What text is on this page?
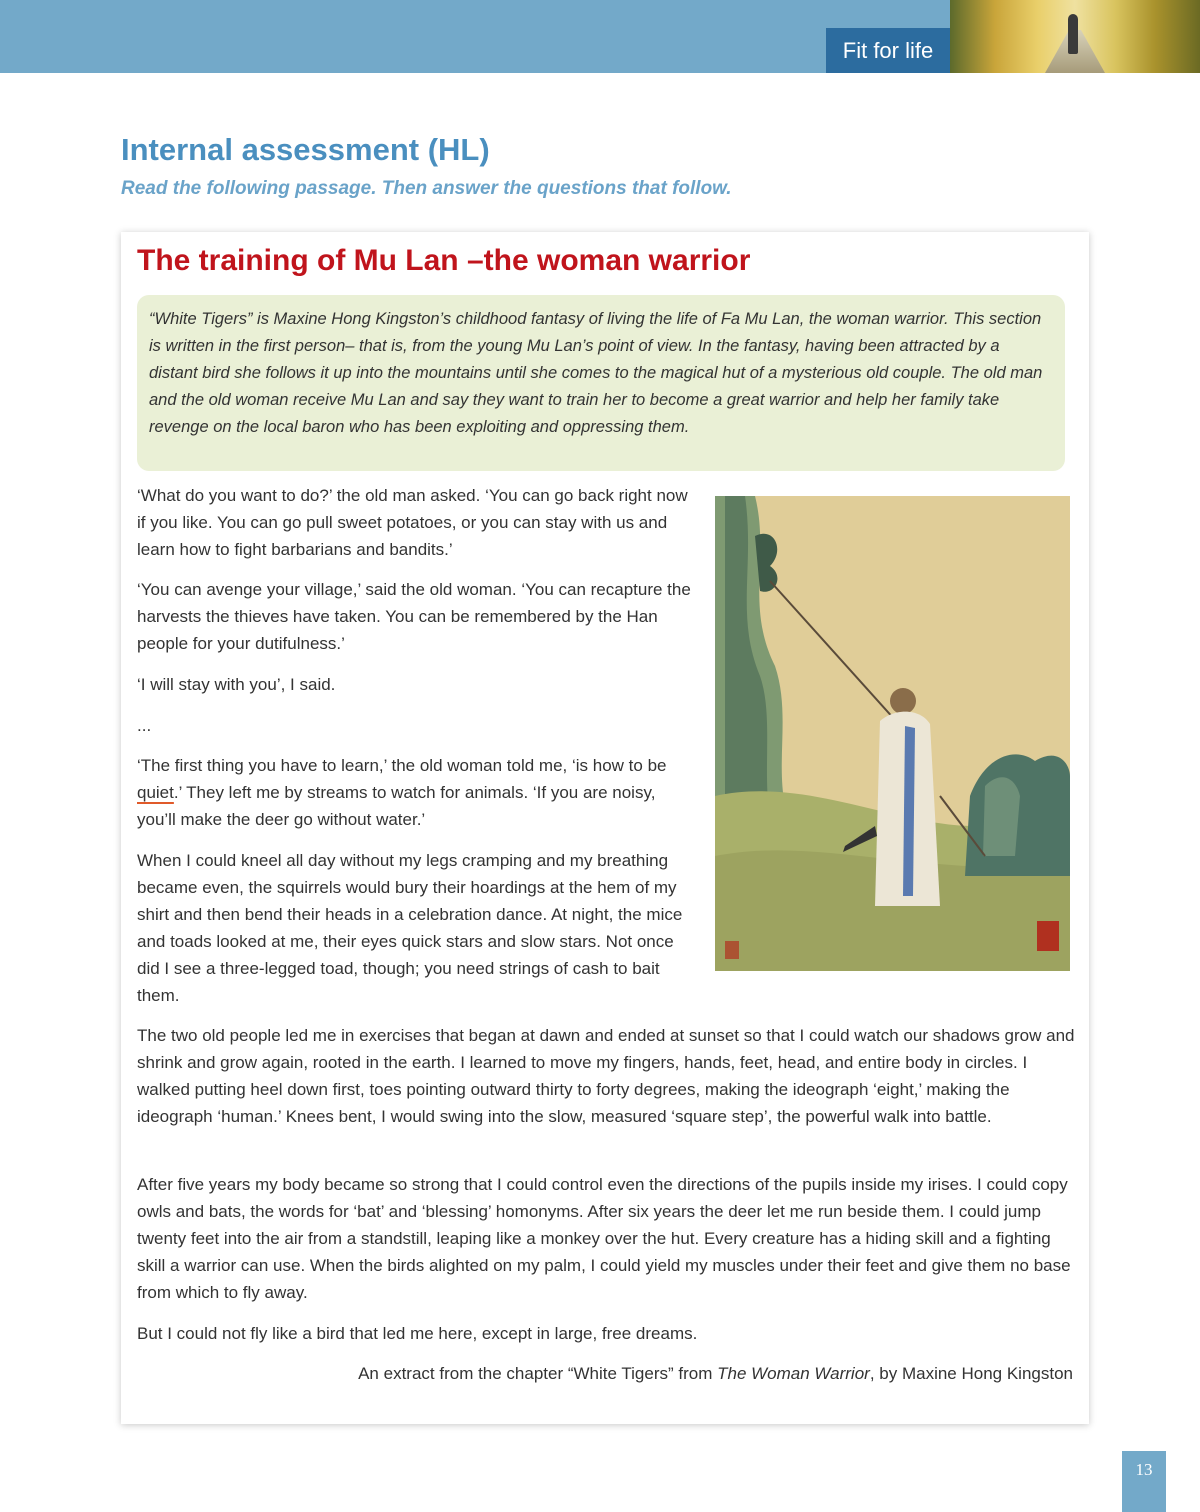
Fit for life
Internal assessment (HL)
Read the following passage. Then answer the questions that follow.
The training of Mu Lan –the woman warrior

“White Tigers” is Maxine Hong Kingston’s childhood fantasy of living the life of Fa Mu Lan, the woman warrior. This section is written in the first person– that is, from the young Mu Lan’s point of view. In the fantasy, having been attracted by a distant bird she follows it up into the mountains until she comes to the magical hut of a mysterious old couple. The old man and the old woman receive Mu Lan and say they want to train her to become a great warrior and help her family take revenge on the local baron who has been exploiting and oppressing them.

‘What do you want to do?’ the old man asked. ‘You can go back right now if you like. You can go pull sweet potatoes, or you can stay with us and learn how to fight barbarians and bandits.’

‘You can avenge your village,’ said the old woman. ‘You can recapture the harvests the thieves have taken. You can be remembered by the Han people for your dutifulness.’

‘I will stay with you’, I said.

...

‘The first thing you have to learn,’ the old woman told me, ‘is how to be quiet.’ They left me by streams to watch for animals. ‘If you are noisy, you’ll make the deer go without water.’

When I could kneel all day without my legs cramping and my breathing became even, the squirrels would bury their hoardings at the hem of my shirt and then bend their heads in a celebration dance. At night, the mice and toads looked at me, their eyes quick stars and slow stars. Not once did I see a three-legged toad, though; you need strings of cash to bait them.

The two old people led me in exercises that began at dawn and ended at sunset so that I could watch our shadows grow and shrink and grow again, rooted in the earth. I learned to move my fingers, hands, feet, head, and entire body in circles. I walked putting heel down first, toes pointing outward thirty to forty degrees, making the ideograph ‘eight,’ making the ideograph ‘human.’ Knees bent, I would swing into the slow, measured ‘square step’, the powerful walk into battle.

After five years my body became so strong that I could control even the directions of the pupils inside my irises. I could copy owls and bats, the words for ‘bat’ and ‘blessing’ homonyms. After six years the deer let me run beside them. I could jump twenty feet into the air from a standstill, leaping like a monkey over the hut. Every creature has a hiding skill and a fighting skill a warrior can use. When the birds alighted on my palm, I could yield my muscles under their feet and give them no base from which to fly away.

But I could not fly like a bird that led me here, except in large, free dreams.

An extract from the chapter “White Tigers” from The Woman Warrior, by Maxine Hong Kingston

13
